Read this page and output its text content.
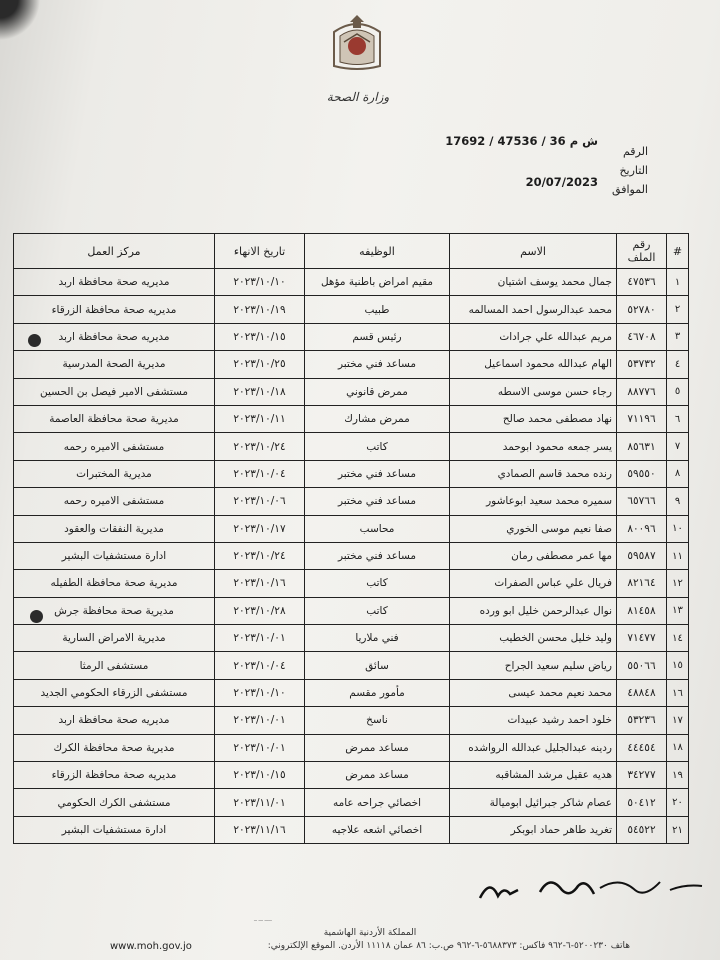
وزارة الصحة
الرقم
ش م 36 / 47536 / 17692
التاريخ
الموافق
20/07/2023
#	رقم الملف	الاسم	الوظيفه	تاريخ الانهاء	مركز العمل
١	٤٧٥٣٦	جمال محمد يوسف اشتيان	مقيم امراض باطنية مؤهل	٢٠٢٣/١٠/١٠	مديريه صحة محافظة اربد
٢	٥٢٧٨٠	محمد عبدالرسول احمد المسالمه	طبيب	٢٠٢٣/١٠/١٩	مديريه صحة محافظة الزرقاء
٣	٤٦٧٠٨	مريم عبدالله علي جرادات	رئيس قسم	٢٠٢٣/١٠/١٥	مديريه صحة محافظة اربد
٤	٥٣٧٣٢	الهام عبدالله محمود اسماعيل	مساعد فني مختبر	٢٠٢٣/١٠/٢٥	مديرية الصحة المدرسية
٥	٨٨٧٧٦	رجاء حسن موسى الاسطه	ممرض قانوني	٢٠٢٣/١٠/١٨	مستشفى الامير فيصل بن الحسين
٦	٧١١٩٦	نهاد مصطفى محمد صالح	ممرض مشارك	٢٠٢٣/١٠/١١	مديرية صحة محافظة العاصمة
٧	٨٥٦٣١	يسر جمعه محمود ابوحمد	كاتب	٢٠٢٣/١٠/٢٤	مستشفى الاميره رحمه
٨	٥٩٥٥٠	رنده محمد قاسم الصمادي	مساعد فني مختبر	٢٠٢٣/١٠/٠٤	مديرية المختبرات
٩	٦٥٧٦٦	سميره محمد سعيد ابوعاشور	مساعد فني مختبر	٢٠٢٣/١٠/٠٦	مستشفى الاميره رحمه
١٠	٨٠٠٩٦	صفا نعيم موسى الخوري	محاسب	٢٠٢٣/١٠/١٧	مديرية النفقات والعقود
١١	٥٩٥٨٧	مها عمر مصطفى رمان	مساعد فني مختبر	٢٠٢٣/١٠/٢٤	ادارة مستشفيات البشير
١٢	٨٢١٦٤	فريال علي عباس الصفرات	كاتب	٢٠٢٣/١٠/١٦	مديرية صحة محافظة الطفيله
١٣	٨١٤٥٨	نوال عبدالرحمن خليل ابو ورده	كاتب	٢٠٢٣/١٠/٢٨	مديرية صحة محافظة جرش
١٤	٧١٤٧٧	وليد خليل محسن الخطيب	فني ملاريا	٢٠٢٣/١٠/٠١	مديرية الامراض السارية
١٥	٥٥٠٦٦	رياض سليم سعيد الجراح	سائق	٢٠٢٣/١٠/٠٤	مستشفى الرمثا
١٦	٤٨٨٤٨	محمد نعيم محمد عيسى	مأمور مقسم	٢٠٢٣/١٠/١٠	مستشفى الزرقاء الحكومي الجديد
١٧	٥٣٢٣٦	خلود احمد رشيد عبيدات	ناسخ	٢٠٢٣/١٠/٠١	مديريه صحة محافظة اربد
١٨	٤٤٤٥٤	ردينه عبدالجليل عبدالله الرواشده	مساعد ممرض	٢٠٢٣/١٠/٠١	مديرية صحة محافظة الكرك
١٩	٣٤٢٧٧	هديه عقيل مرشد المشاقبه	مساعد ممرض	٢٠٢٣/١٠/١٥	مديريه صحة محافظة الزرقاء
٢٠	٥٠٤١٢	عصام شاكر جبرائيل ابوميالة	اخصائي جراحه عامه	٢٠٢٣/١١/٠١	مستشفى الكرك الحكومي
٢١	٥٤٥٢٢	تغريد طاهر حماد ابوبكر	اخصائي اشعه علاجيه	٢٠٢٣/١١/١٦	ادارة مستشفيات البشير
ـــــ ـــ ــ
المملكة الأردنية الهاشمية
www.moh.gov.jo	هاتف ٥٢٠٠٢٣٠-٦-٩٦٢ فاكس: ٥٦٨٨٣٧٣-٦-٩٦٢ ص.ب: ٨٦ عمان ١١١١٨ الأردن. الموقع الإلكتروني:
